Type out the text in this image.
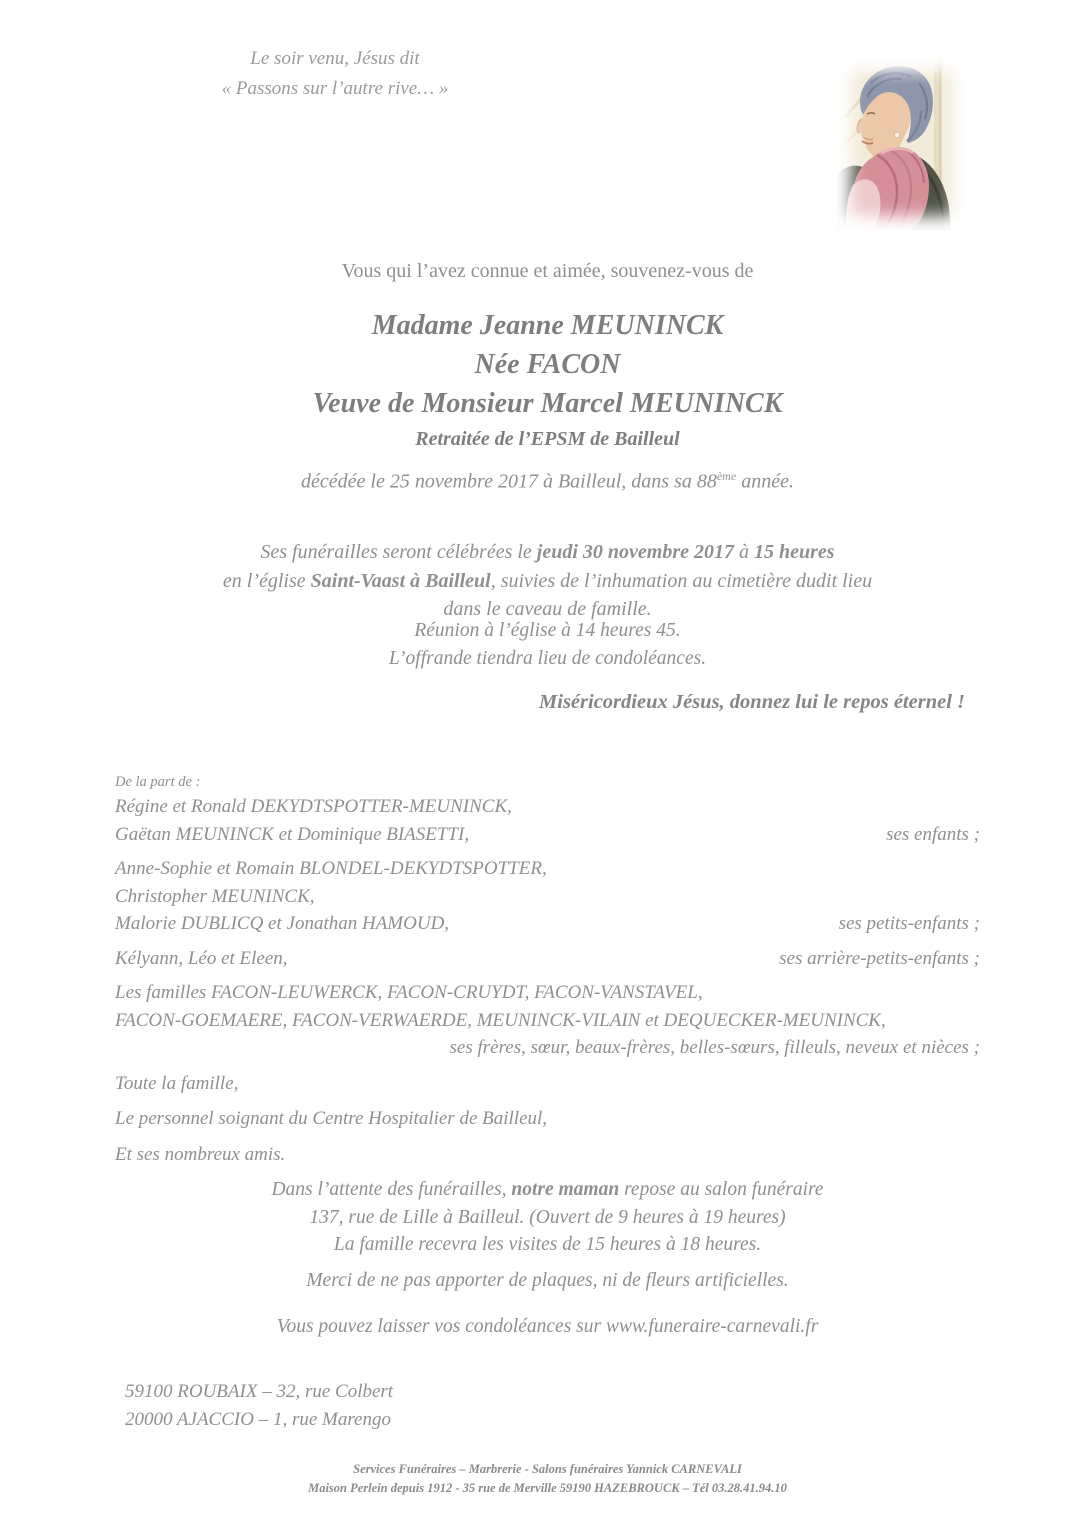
Le soir venu, Jésus dit
« Passons sur l’autre rive… »
Vous qui l’avez connue et aimée, souvenez-vous de
Madame Jeanne MEUNINCK
Née FACON
Veuve de Monsieur Marcel MEUNINCK
Retraitée de l’EPSM de Bailleul
décédée le 25 novembre 2017 à Bailleul, dans sa 88ème année.
Ses funérailles seront célébrées le jeudi 30 novembre 2017 à 15 heures
en l’église Saint-Vaast à Bailleul, suivies de l’inhumation au cimetière dudit lieu
dans le caveau de famille.
Réunion à l’église à 14 heures 45.
L’offrande tiendra lieu de condoléances.
Miséricordieux Jésus, donnez lui le repos éternel !
De la part de :
Régine et Ronald DEKYDTSPOTTER-MEUNINCK,
Gaëtan MEUNINCK et Dominique BIASETTI,	ses enfants ;
Anne-Sophie et Romain BLONDEL-DEKYDTSPOTTER,
Christopher MEUNINCK,
Malorie DUBLICQ et Jonathan HAMOUD,	ses petits-enfants ;
Kélyann, Léo et Eleen,	ses arrière-petits-enfants ;
Les familles FACON-LEUWERCK, FACON-CRUYDT, FACON-VANSTAVEL,
FACON-GOEMAERE, FACON-VERWAERDE, MEUNINCK-VILAIN et DEQUECKER-MEUNINCK,
ses frères, sœur, beaux-frères, belles-sœurs, filleuls, neveux et nièces ;
Toute la famille,
Le personnel soignant du Centre Hospitalier de Bailleul,
Et ses nombreux amis.
Dans l’attente des funérailles, notre maman repose au salon funéraire
137, rue de Lille à Bailleul. (Ouvert de 9 heures à 19 heures)
La famille recevra les visites de 15 heures à 18 heures.
Merci de ne pas apporter de plaques, ni de fleurs artificielles.
Vous pouvez laisser vos condoléances sur www.funeraire-carnevali.fr
59100 ROUBAIX – 32, rue Colbert
20000 AJACCIO – 1, rue Marengo
Services Funéraires – Marbrerie - Salons funéraires Yannick CARNEVALI
Maison Perlein depuis 1912 - 35 rue de Merville 59190 HAZEBROUCK – Tél 03.28.41.94.10
